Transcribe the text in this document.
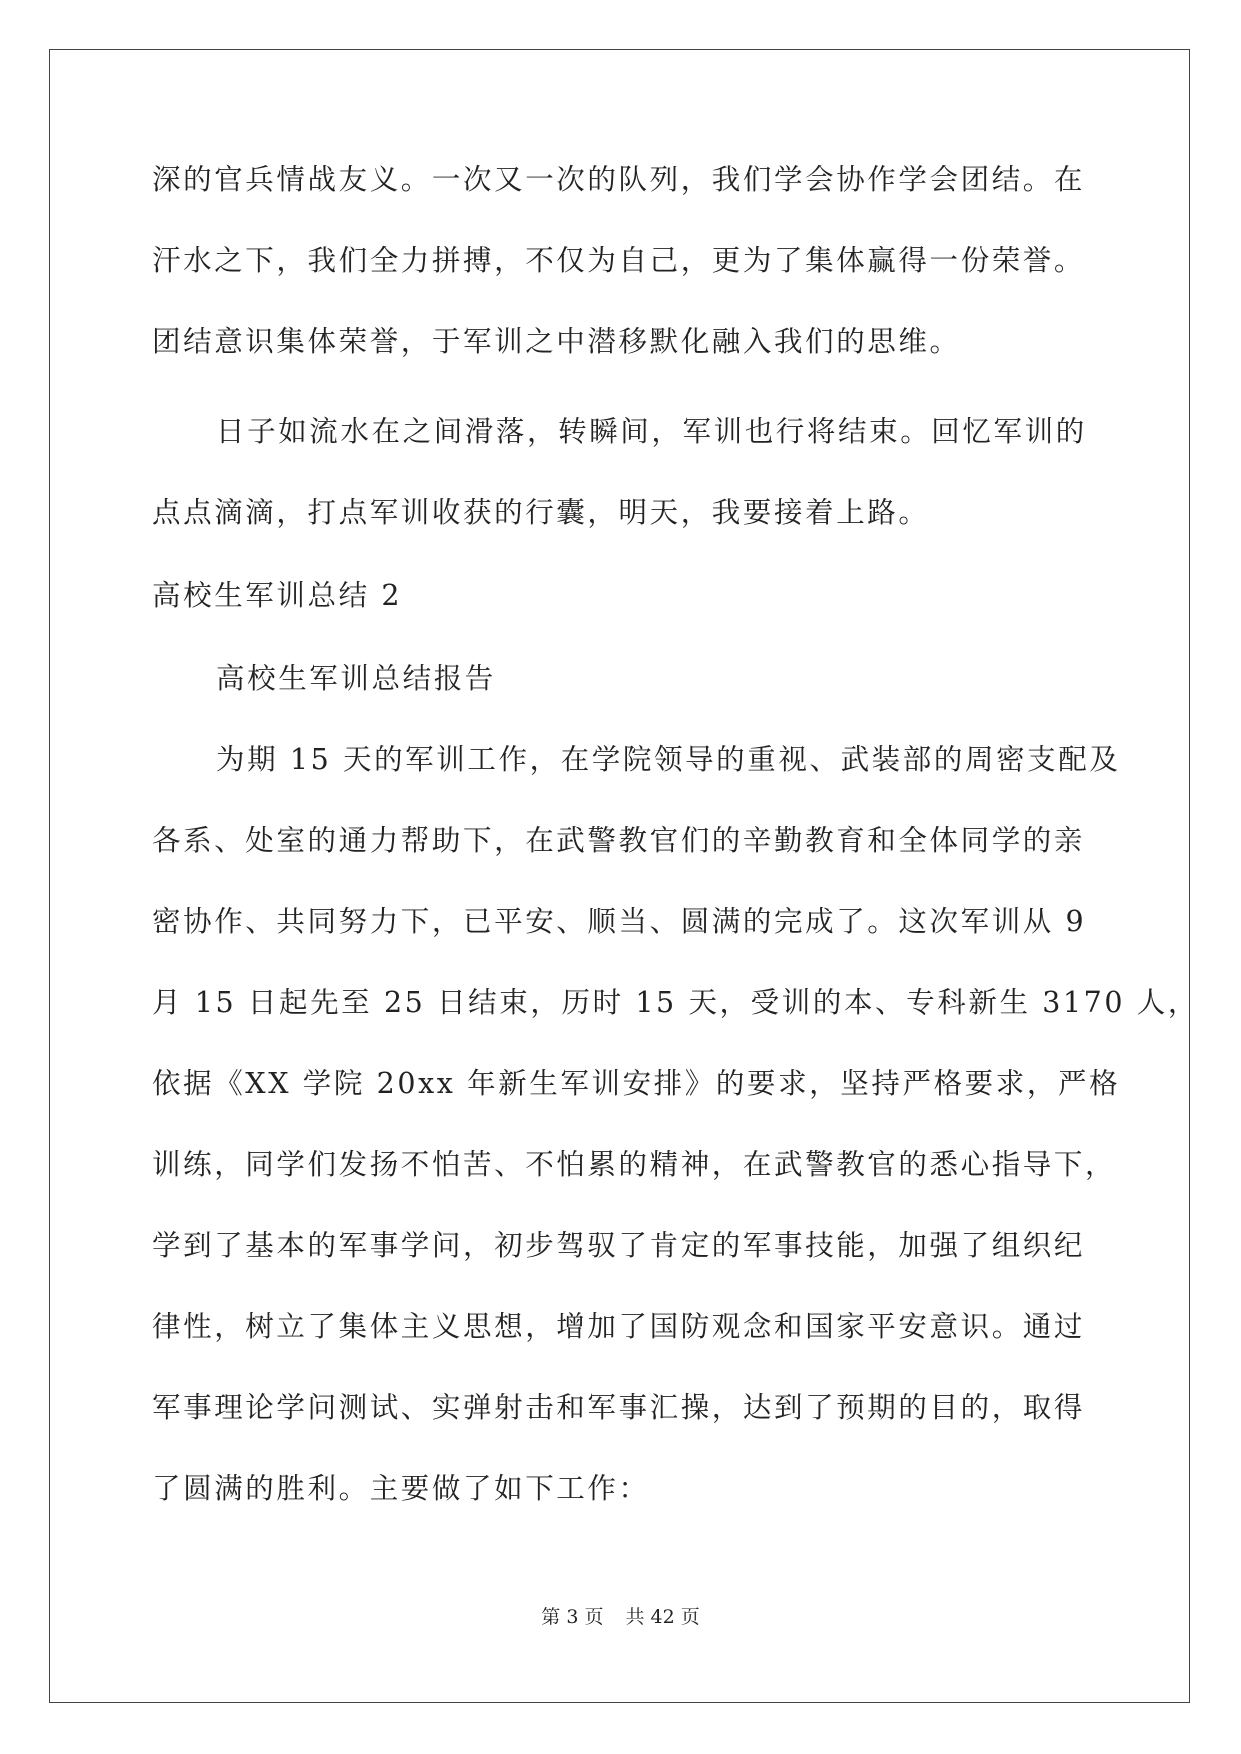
深的官兵情战友义。一次又一次的队列，我们学会协作学会团结。在
汗水之下，我们全力拼搏，不仅为自己，更为了集体赢得一份荣誉。
团结意识集体荣誉，于军训之中潜移默化融入我们的思维。
日子如流水在之间滑落，转瞬间，军训也行将结束。回忆军训的
点点滴滴，打点军训收获的行囊，明天，我要接着上路。
高校生军训总结 2
高校生军训总结报告
为期 15 天的军训工作，在学院领导的重视、武装部的周密支配及
各系、处室的通力帮助下，在武警教官们的辛勤教育和全体同学的亲
密协作、共同努力下，已平安、顺当、圆满的完成了。这次军训从 9
月 15 日起先至 25 日结束，历时 15 天，受训的本、专科新生 3170 人，
依据《XX 学院 20xx 年新生军训安排》的要求，坚持严格要求，严格
训练，同学们发扬不怕苦、不怕累的精神，在武警教官的悉心指导下，
学到了基本的军事学问，初步驾驭了肯定的军事技能，加强了组织纪
律性，树立了集体主义思想，增加了国防观念和国家平安意识。通过
军事理论学问测试、实弹射击和军事汇操，达到了预期的目的，取得
了圆满的胜利。主要做了如下工作：
第 3 页 共 42 页
